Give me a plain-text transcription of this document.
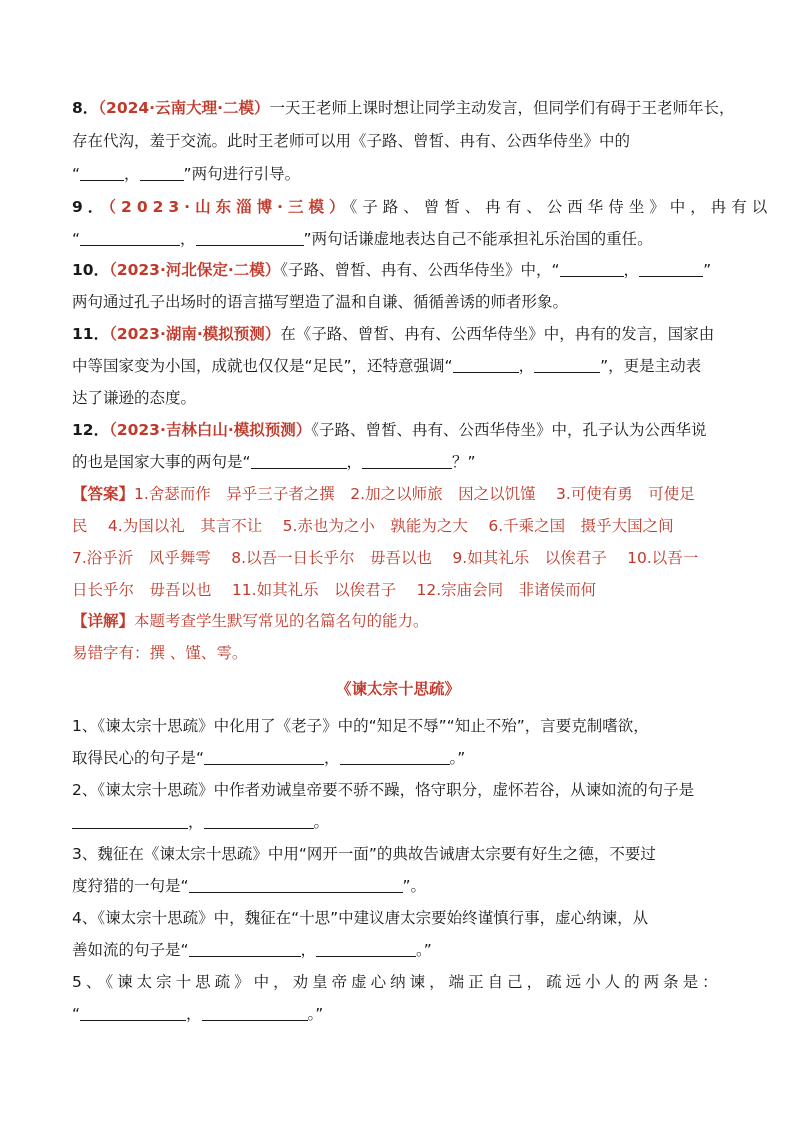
8．（2024·云南大理·二模）一天王老师上课时想让同学主动发言，但同学们有碍于王老师年长，
存在代沟，羞于交流。此时王老师可以用《子路、曾皙、冉有、公西华侍坐》中的
“	，	”两句进行引导。
9．（2023·山东淄博·三模）《子路、曾皙、冉有、公西华侍坐》中，冉有以
“	，	”两句话谦虚地表达自己不能承担礼乐治国的重任。
10．（2023·河北保定·二模）《子路、曾皙、冉有、公西华侍坐》中，“	，	”
两句通过孔子出场时的语言描写塑造了温和自谦、循循善诱的师者形象。
11．（2023·湖南·模拟预测）在《子路、曾皙、冉有、公西华侍坐》中，冉有的发言，国家由
中等国家变为小国，成就也仅仅是“足民”，还特意强调“	，	”，更是主动表
达了谦逊的态度。
12．（2023·吉林白山·模拟预测）《子路、曾皙、冉有、公西华侍坐》中，孔子认为公西华说
的也是国家大事的两句是“	，	？”
【答案】1.舍瑟而作　异乎三子者之撰　2.加之以师旅　因之以饥馑　 3.可使有勇　可使足
民　 4.为国以礼　其言不让　 5.赤也为之小　孰能为之大　 6.千乘之国　摄乎大国之间
7.浴乎沂　风乎舞雩　 8.以吾一日长乎尔　毋吾以也　 9.如其礼乐　以俟君子　 10.以吾一
日长乎尔　毋吾以也　 11.如其礼乐　以俟君子　 12.宗庙会同　非诸侯而何
【详解】本题考查学生默写常见的名篇名句的能力。
易错字有：撰 、馑、雩。
《谏太宗十思疏》
1、《谏太宗十思疏》中化用了《老子》中的“知足不辱”“知止不殆”，言要克制嗜欲，
取得民心的句子是“	，	。”
2、《谏太宗十思疏》中作者劝诫皇帝要不骄不躁，恪守职分，虚怀若谷，从谏如流的句子是
，	。
3、魏征在《谏太宗十思疏》中用“网开一面”的典故告诫唐太宗要有好生之德，不要过
度狩猎的一句是“	”。
4、《谏太宗十思疏》中，魏征在“十思”中建议唐太宗要始终谨慎行事，虚心纳谏，从
善如流的句子是“	，	。”
5、《谏太宗十思疏》中，劝皇帝虚心纳谏，端正自己，疏远小人的两条是：
“	，	。”
